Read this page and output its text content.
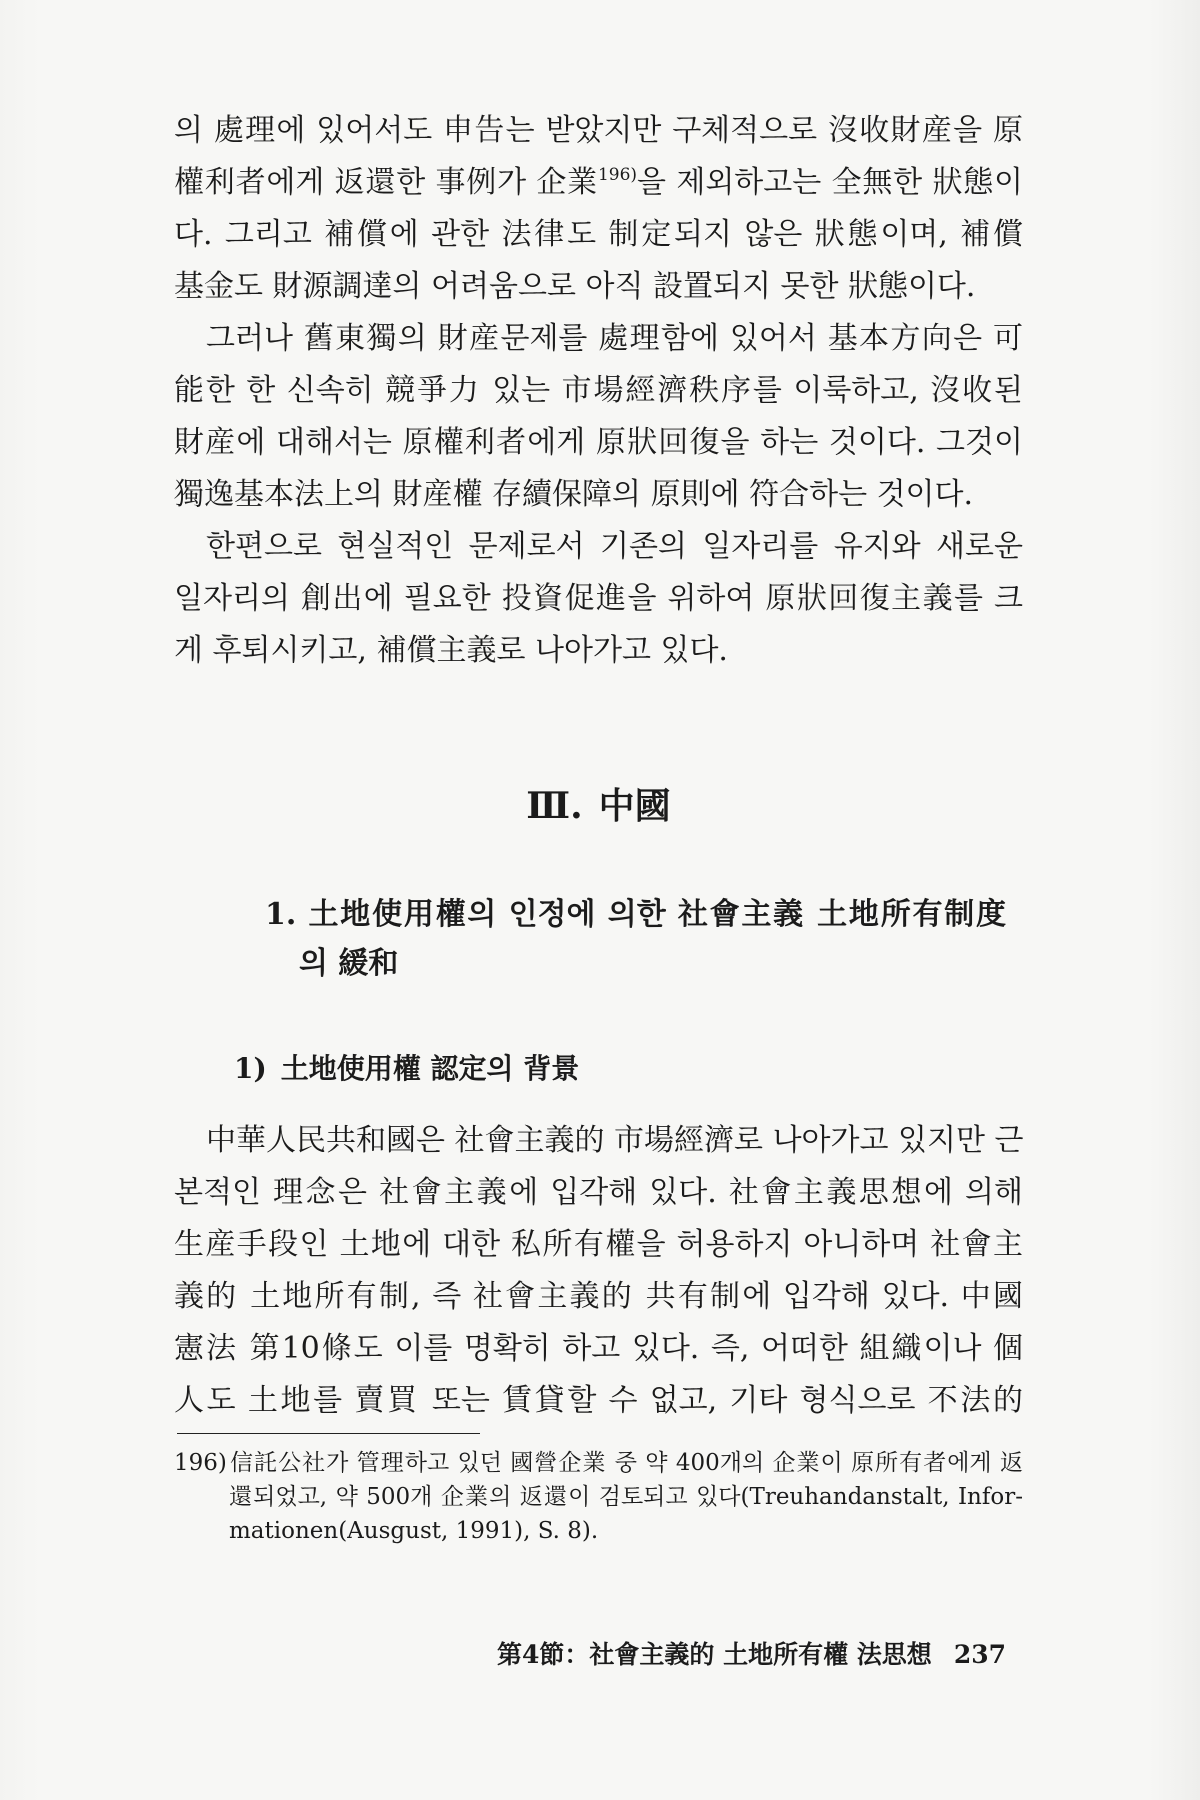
의 處理에 있어서도 申告는 받았지만 구체적으로 沒收財産을 原
權利者에게 返還한 事例가 企業$^{196)}$을 제외하고는 全無한 狀態이
다. 그리고 補償에 관한 法律도 制定되지 않은 狀態이며, 補償
基金도 財源調達의 어려움으로 아직 設置되지 못한 狀態이다.
그러나 舊東獨의 財産문제를 處理함에 있어서 基本方向은 可
能한 한 신속히 競爭力 있는 市場經濟秩序를 이룩하고, 沒收된
財産에 대해서는 原權利者에게 原狀回復을 하는 것이다. 그것이
獨逸基本法上의 財産權 存續保障의 原則에 符合하는 것이다.
한편으로 현실적인 문제로서 기존의 일자리를 유지와 새로운
일자리의 創出에 필요한 投資促進을 위하여 原狀回復主義를 크
게 후퇴시키고, 補償主義로 나아가고 있다.
Ⅲ. 中國
1. 土地使用權의 인정에 의한 社會主義 土地所有制度
의 緩和
1) 土地使用權 認定의 背景
中華人民共和國은 社會主義的 市場經濟로 나아가고 있지만 근
본적인 理念은 社會主義에 입각해 있다. 社會主義思想에 의해
生産手段인 土地에 대한 私所有權을 허용하지 아니하며 社會主
義的 土地所有制, 즉 社會主義的 共有制에 입각해 있다. 中國
憲法 第10條도 이를 명확히 하고 있다. 즉, 어떠한 組織이나 個
人도 土地를 賣買 또는 賃貸할 수 없고, 기타 형식으로 不法的
196)信託公社가 管理하고 있던 國營企業 중 약 400개의 企業이 原所有者에게 返
還되었고, 약 500개 企業의 返還이 검토되고 있다(Treuhandanstalt, Infor-
mationen(Ausgust, 1991), S. 8).
第4節：社會主義的 土地所有權 法思想 237
